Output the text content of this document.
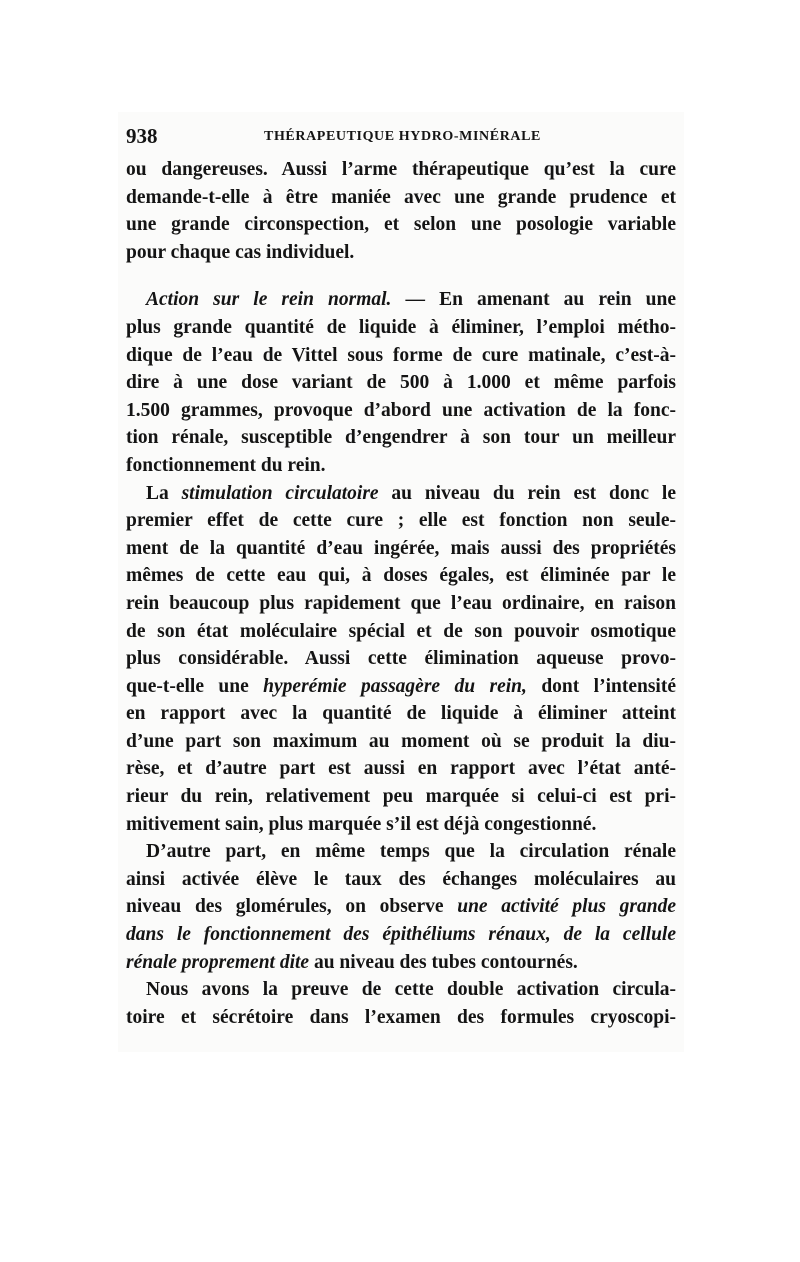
938	THÉRAPEUTIQUE HYDRO-MINÉRALE
ou dangereuses. Aussi l’arme thérapeutique qu’est la cure
demande-t-elle à être maniée avec une grande prudence et
une grande circonspection, et selon une posologie variable
pour chaque cas individuel.
Action sur le rein normal. — En amenant au rein une
plus grande quantité de liquide à éliminer, l’emploi métho-
dique de l’eau de Vittel sous forme de cure matinale, c’est-à-
dire à une dose variant de 500 à 1.000 et même parfois
1.500 grammes, provoque d’abord une activation de la fonc-
tion rénale, susceptible d’engendrer à son tour un meilleur
fonctionnement du rein.
La stimulation circulatoire au niveau du rein est donc le
premier effet de cette cure ; elle est fonction non seule-
ment de la quantité d’eau ingérée, mais aussi des propriétés
mêmes de cette eau qui, à doses égales, est éliminée par le
rein beaucoup plus rapidement que l’eau ordinaire, en raison
de son état moléculaire spécial et de son pouvoir osmotique
plus considérable. Aussi cette élimination aqueuse provo-
que-t-elle une hyperémie passagère du rein, dont l’intensité
en rapport avec la quantité de liquide à éliminer atteint
d’une part son maximum au moment où se produit la diu-
rèse, et d’autre part est aussi en rapport avec l’état anté-
rieur du rein, relativement peu marquée si celui-ci est pri-
mitivement sain, plus marquée s’il est déjà congestionné.
D’autre part, en même temps que la circulation rénale
ainsi activée élève le taux des échanges moléculaires au
niveau des glomérules, on observe une activité plus grande
dans le fonctionnement des épithéliums rénaux, de la cellule
rénale proprement dite au niveau des tubes contournés.
Nous avons la preuve de cette double activation circula-
toire et sécrétoire dans l’examen des formules cryoscopi-
